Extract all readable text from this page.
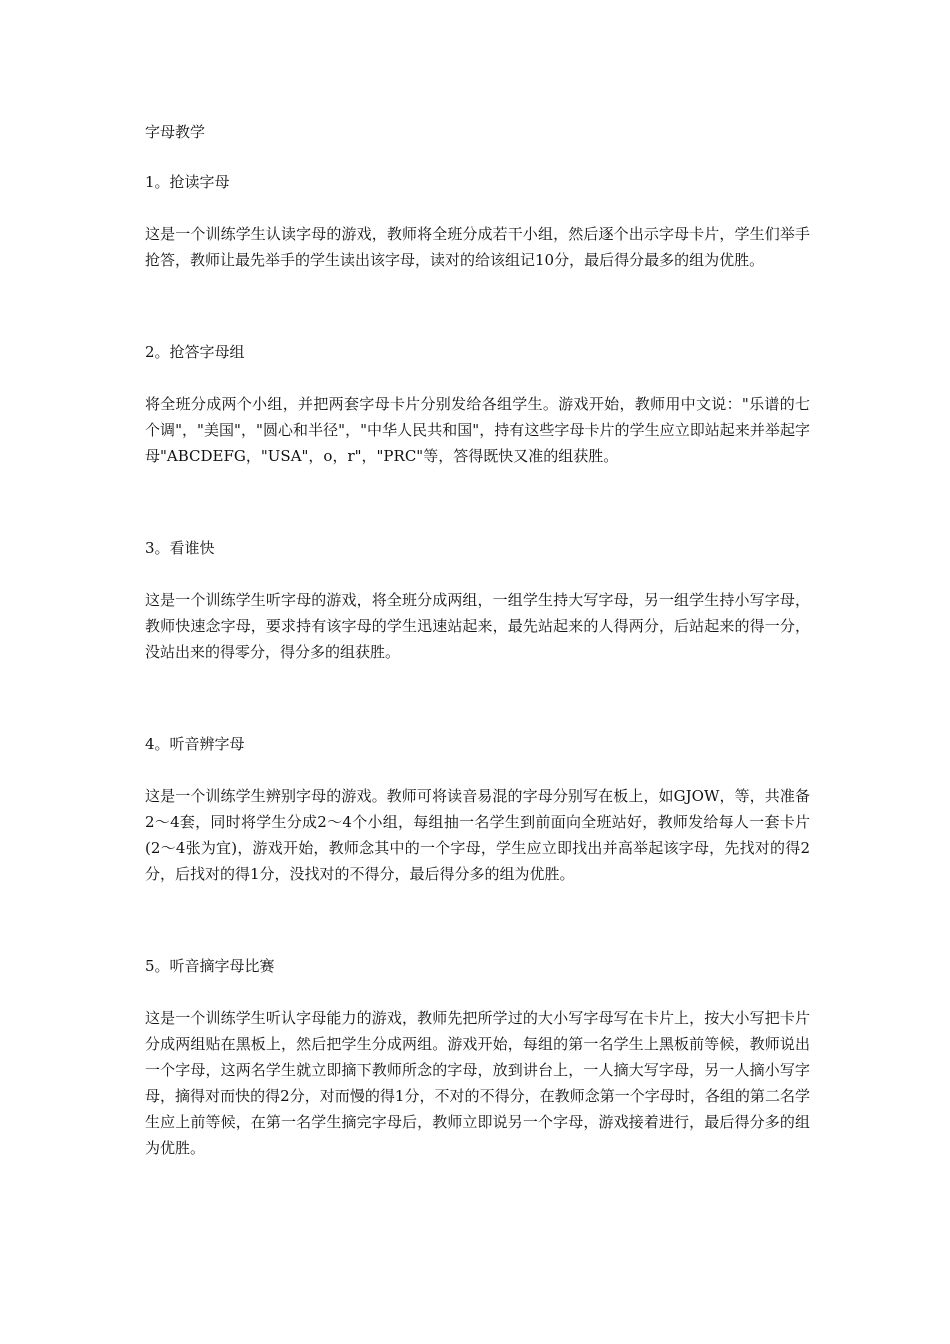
字母教学
1。抢读字母

这是一个训练学生认读字母的游戏，教师将全班分成若干小组，然后逐个出示字母卡片，学生们举手抢答，教师让最先举手的学生读出该字母，读对的给该组记10分，最后得分最多的组为优胜。

2。抢答字母组

将全班分成两个小组，并把两套字母卡片分别发给各组学生。游戏开始，教师用中文说："乐谱的七个调"，"美国"，"圆心和半径"，"中华人民共和国"，持有这些字母卡片的学生应立即站起来并举起字母"ABCDEFG，"USA"，o，r"，"PRC"等，答得既快又准的组获胜。

3。看谁快

这是一个训练学生听字母的游戏，将全班分成两组，一组学生持大写字母，另一组学生持小写字母，教师快速念字母，要求持有该字母的学生迅速站起来，最先站起来的人得两分，后站起来的得一分，没站出来的得零分，得分多的组获胜。

4。听音辨字母

这是一个训练学生辨别字母的游戏。教师可将读音易混的字母分别写在板上，如GJOW，等，共准备2～4套，同时将学生分成2～4个小组，每组抽一名学生到前面向全班站好，教师发给每人一套卡片(2～4张为宜)，游戏开始，教师念其中的一个字母，学生应立即找出并高举起该字母，先找对的得2分，后找对的得1分，没找对的不得分，最后得分多的组为优胜。

5。听音摘字母比赛

这是一个训练学生听认字母能力的游戏，教师先把所学过的大小写字母写在卡片上，按大小写把卡片分成两组贴在黑板上，然后把学生分成两组。游戏开始，每组的第一名学生上黑板前等候，教师说出一个字母，这两名学生就立即摘下教师所念的字母，放到讲台上，一人摘大写字母，另一人摘小写字母，摘得对而快的得2分，对而慢的得1分，不对的不得分，在教师念第一个字母时，各组的第二名学生应上前等候，在第一名学生摘完字母后，教师立即说另一个字母，游戏接着进行，最后得分多的组为优胜。
